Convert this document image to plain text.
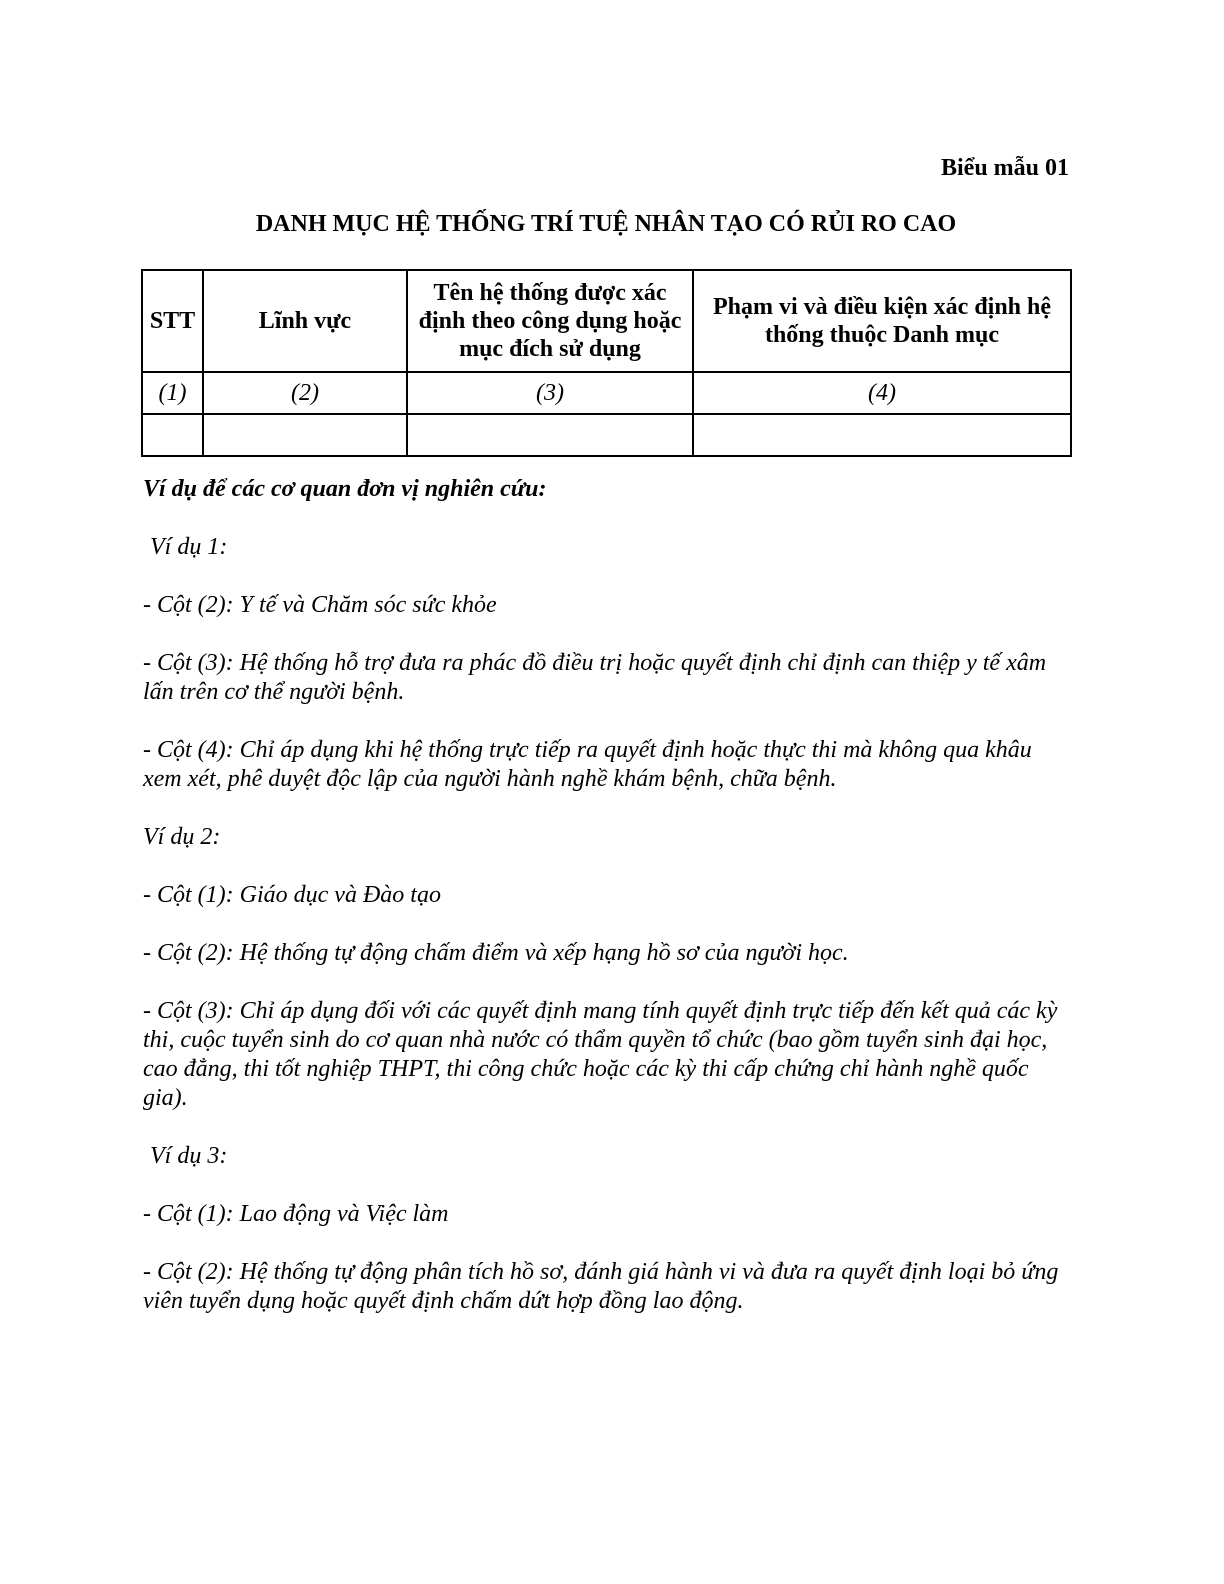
Biểu mẫu 01
DANH MỤC HỆ THỐNG TRÍ TUỆ NHÂN TẠO CÓ RỦI RO CAO
STT	Lĩnh vực	Tên hệ thống được xác định theo công dụng hoặc mục đích sử dụng	Phạm vi và điều kiện xác định hệ thống thuộc Danh mục
(1)	(2)	(3)	(4)

Ví dụ để các cơ quan đơn vị nghiên cứu:

Ví dụ 1:

- Cột (2): Y tế và Chăm sóc sức khỏe

- Cột (3): Hệ thống hỗ trợ đưa ra phác đồ điều trị hoặc quyết định chỉ định can thiệp y tế xâm lấn trên cơ thể người bệnh.

- Cột (4): Chỉ áp dụng khi hệ thống trực tiếp ra quyết định hoặc thực thi mà không qua khâu xem xét, phê duyệt độc lập của người hành nghề khám bệnh, chữa bệnh.

Ví dụ 2:

- Cột (1): Giáo dục và Đào tạo

- Cột (2): Hệ thống tự động chấm điểm và xếp hạng hồ sơ của người học.

- Cột (3): Chỉ áp dụng đối với các quyết định mang tính quyết định trực tiếp đến kết quả các kỳ thi, cuộc tuyển sinh do cơ quan nhà nước có thẩm quyền tổ chức (bao gồm tuyển sinh đại học, cao đẳng, thi tốt nghiệp THPT, thi công chức hoặc các kỳ thi cấp chứng chỉ hành nghề quốc gia).

Ví dụ 3:

- Cột (1): Lao động và Việc làm

- Cột (2): Hệ thống tự động phân tích hồ sơ, đánh giá hành vi và đưa ra quyết định loại bỏ ứng viên tuyển dụng hoặc quyết định chấm dứt hợp đồng lao động.
